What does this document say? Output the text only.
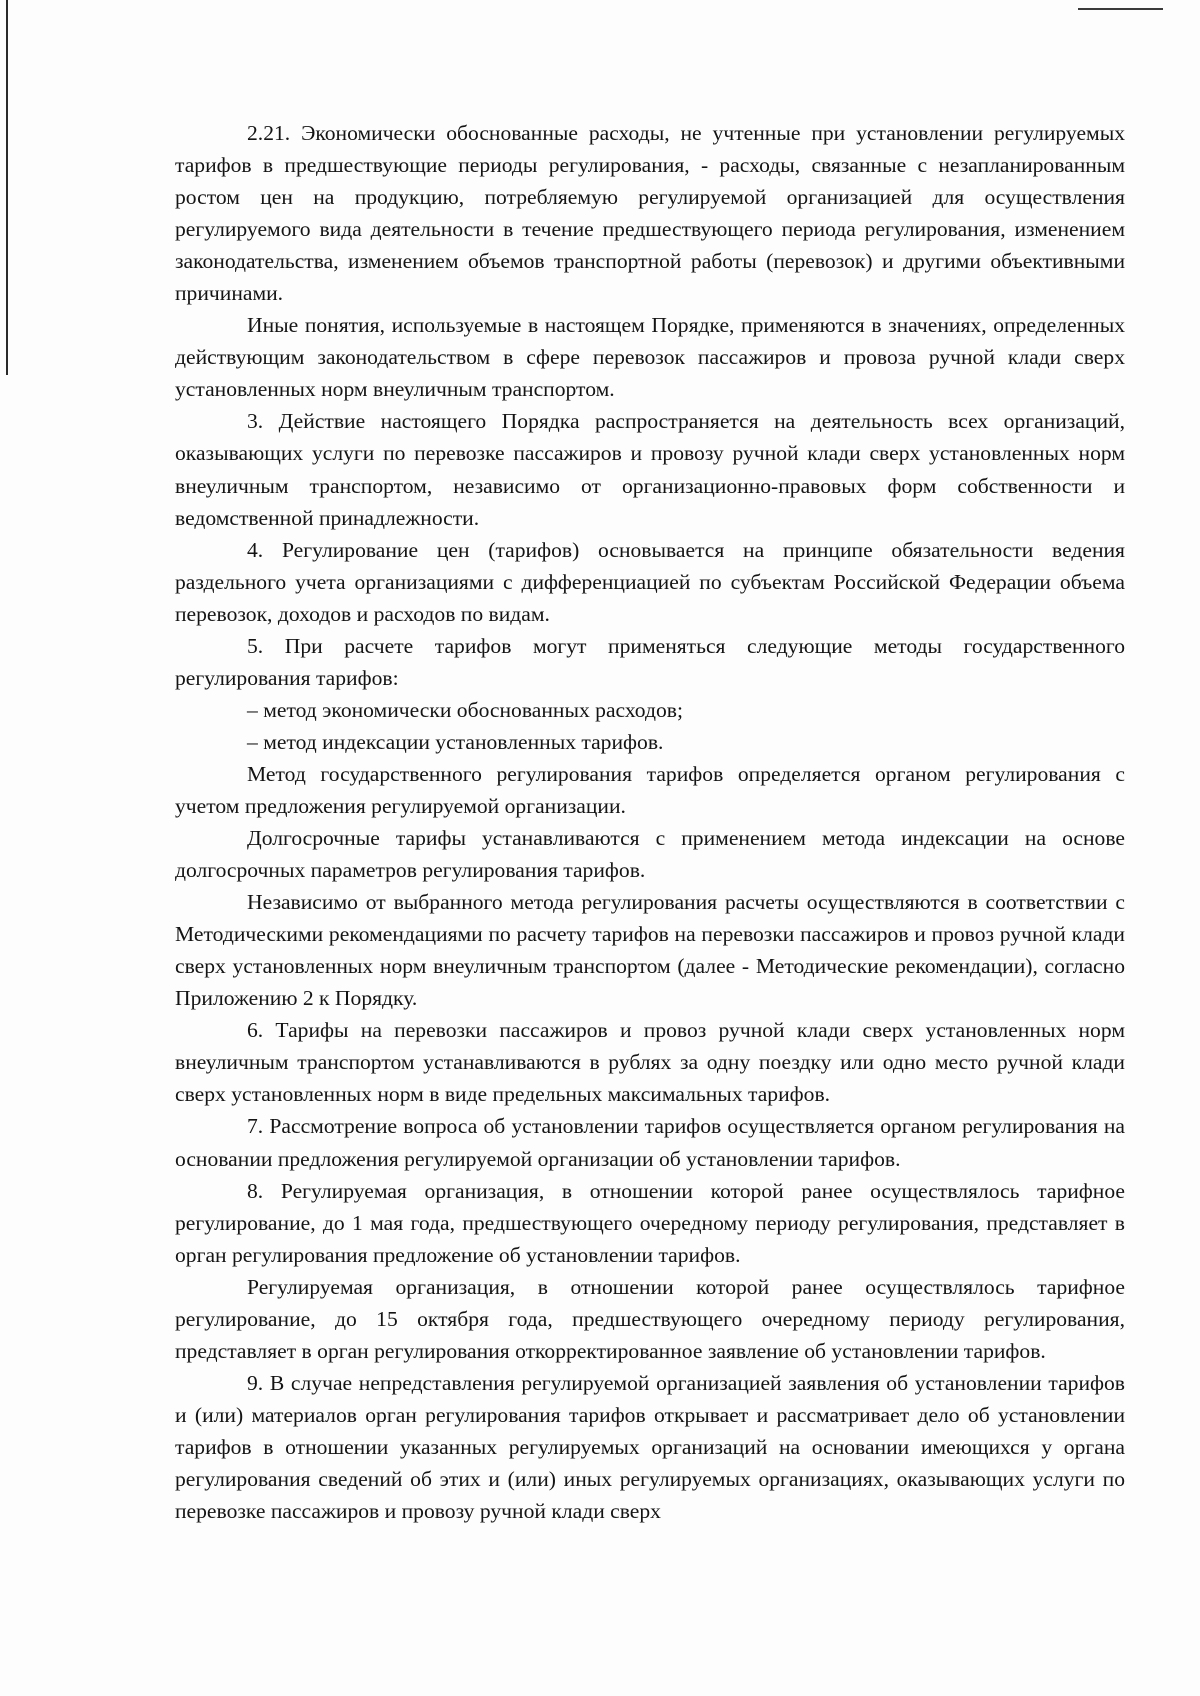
2.21. Экономически обоснованные расходы, не учтенные при установлении регулируемых тарифов в предшествующие периоды регулирования, - расходы, связанные с незапланированным ростом цен на продукцию, потребляемую регулируемой организацией для осуществления регулируемого вида деятельности в течение предшествующего периода регулирования, изменением законодательства, изменением объемов транспортной работы (перевозок) и другими объективными причинами.

Иные понятия, используемые в настоящем Порядке, применяются в значениях, определенных действующим законодательством в сфере перевозок пассажиров и провоза ручной клади сверх установленных норм внеуличным транспортом.

3. Действие настоящего Порядка распространяется на деятельность всех организаций, оказывающих услуги по перевозке пассажиров и провозу ручной клади сверх установленных норм внеуличным транспортом, независимо от организационно-правовых форм собственности и ведомственной принадлежности.

4. Регулирование цен (тарифов) основывается на принципе обязательности ведения раздельного учета организациями с дифференциацией по субъектам Российской Федерации объема перевозок, доходов и расходов по видам.

5. При расчете тарифов могут применяться следующие методы государственного регулирования тарифов:

– метод экономически обоснованных расходов;

– метод индексации установленных тарифов.

Метод государственного регулирования тарифов определяется органом регулирования с учетом предложения регулируемой организации.

Долгосрочные тарифы устанавливаются с применением метода индексации на основе долгосрочных параметров регулирования тарифов.

Независимо от выбранного метода регулирования расчеты осуществляются в соответствии с Методическими рекомендациями по расчету тарифов на перевозки пассажиров и провоз ручной клади сверх установленных норм внеуличным транспортом (далее - Методические рекомендации), согласно Приложению 2 к Порядку.

6. Тарифы на перевозки пассажиров и провоз ручной клади сверх установленных норм внеуличным транспортом устанавливаются в рублях за одну поездку или одно место ручной клади сверх установленных норм в виде предельных максимальных тарифов.

7. Рассмотрение вопроса об установлении тарифов осуществляется органом регулирования на основании предложения регулируемой организации об установлении тарифов.

8. Регулируемая организация, в отношении которой ранее осуществлялось тарифное регулирование, до 1 мая года, предшествующего очередному периоду регулирования, представляет в орган регулирования предложение об установлении тарифов.

Регулируемая организация, в отношении которой ранее осуществлялось тарифное регулирование, до 15 октября года, предшествующего очередному периоду регулирования, представляет в орган регулирования откорректированное заявление об установлении тарифов.

9. В случае непредставления регулируемой организацией заявления об установлении тарифов и (или) материалов орган регулирования тарифов открывает и рассматривает дело об установлении тарифов в отношении указанных регулируемых организаций на основании имеющихся у органа регулирования сведений об этих и (или) иных регулируемых организациях, оказывающих услуги по перевозке пассажиров и провозу ручной клади сверх
